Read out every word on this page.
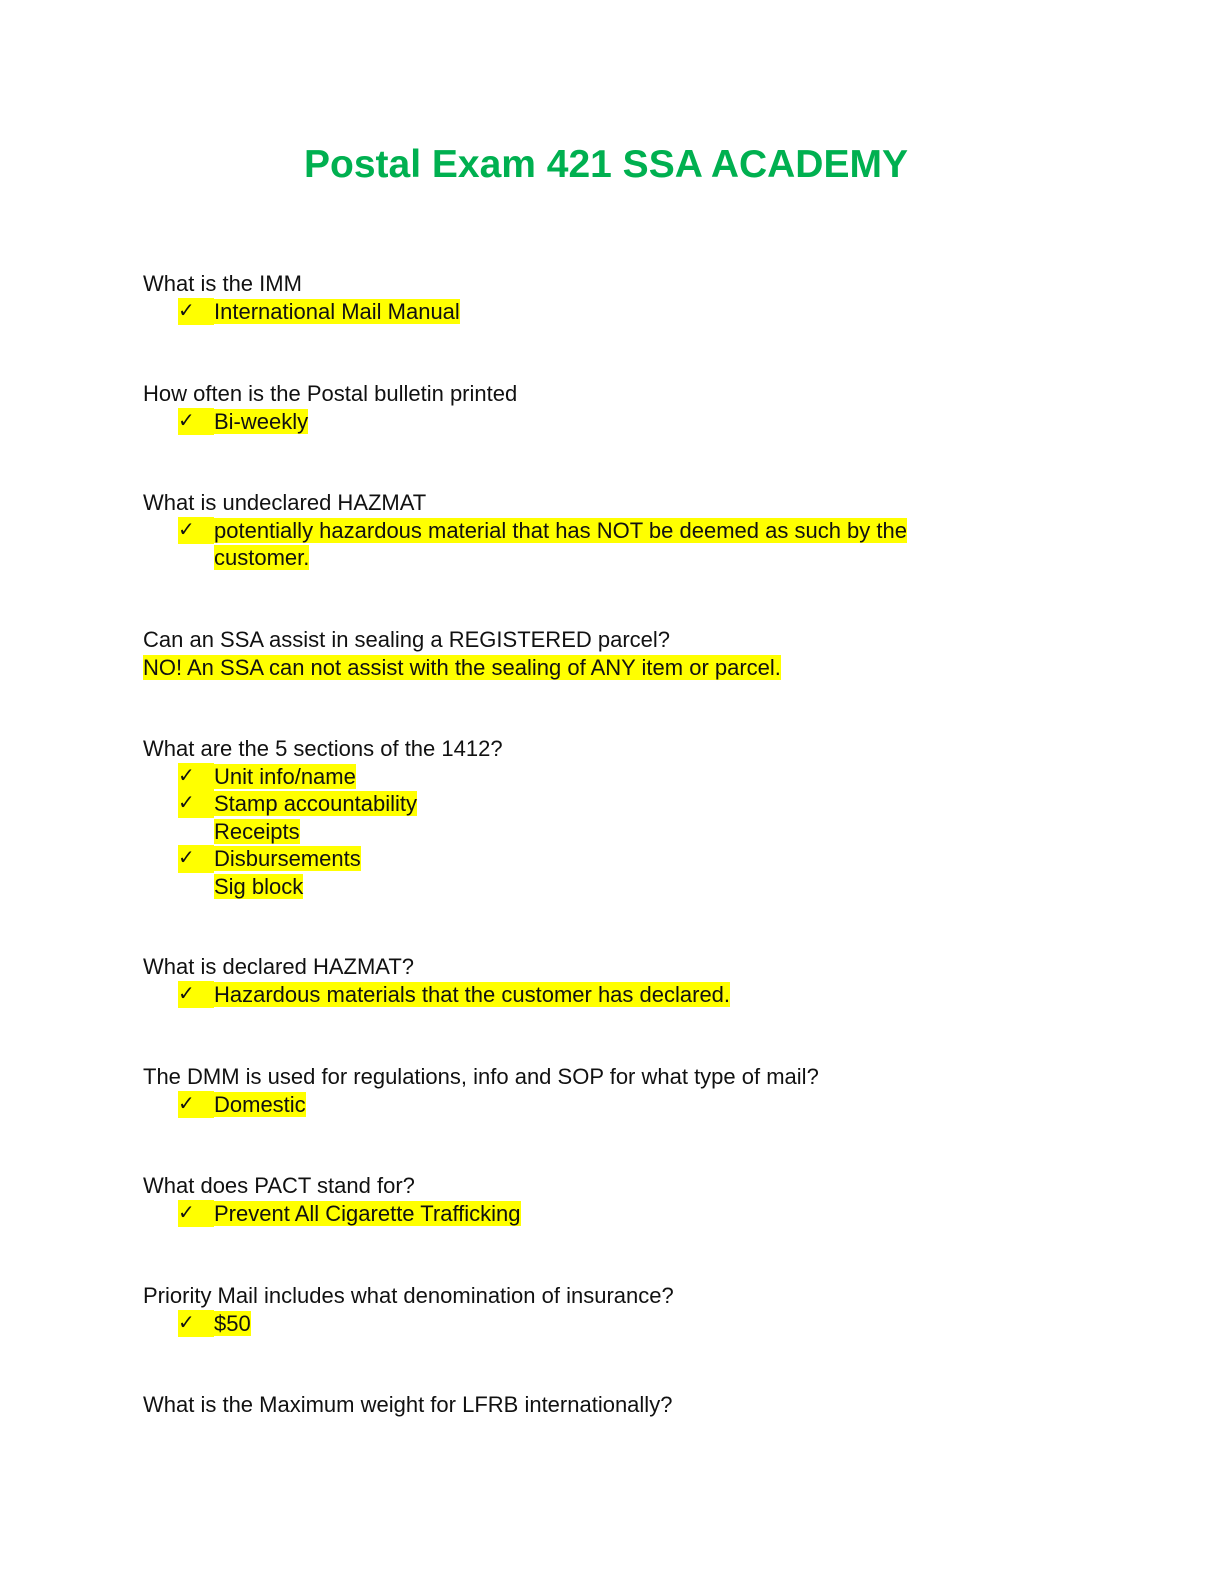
Postal Exam 421 SSA ACADEMY
What is the IMM
✓ International Mail Manual
How often is the Postal bulletin printed
✓ Bi-weekly
What is undeclared HAZMAT
✓ potentially hazardous material that has NOT be deemed as such by the
customer.
Can an SSA assist in sealing a REGISTERED parcel?
NO! An SSA can not assist with the sealing of ANY item or parcel.
What are the 5 sections of the 1412?
✓ Unit info/name
✓ Stamp accountability
Receipts
✓ Disbursements
Sig block
What is declared HAZMAT?
✓ Hazardous materials that the customer has declared.
The DMM is used for regulations, info and SOP for what type of mail?
✓ Domestic
What does PACT stand for?
✓ Prevent All Cigarette Trafficking
Priority Mail includes what denomination of insurance?
✓ $50
What is the Maximum weight for LFRB internationally?
